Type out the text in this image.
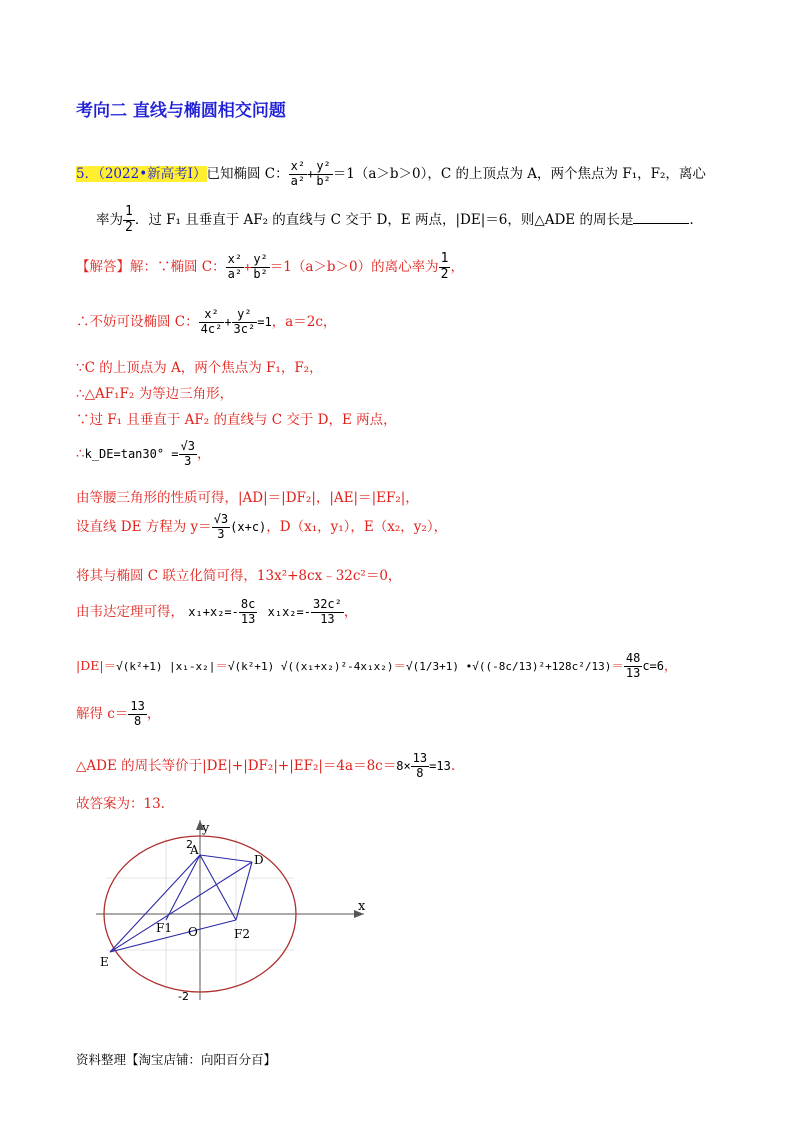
考向二 直线与椭圆相交问题
5．（2022•新高考Ⅰ）已知椭圆 C： $\frac{\text{x²}}{\text{a²}} + \frac{\text{y²}}{\text{b²}} =1(a>b>0)$，C 的上顶点为 A，两个焦点为 F₁，F₂，离心
率为 $\frac{1}{2}$ ．过 F₁ 且垂直于 AF₂ 的直线与 C 交于 D，E 两点，|DE|＝6，则△ADE 的周长是	．
【解答】解：∵椭圆 C： $\frac{\text{x²}}{\text{a²}} + \frac{\text{y²}}{\text{b²}} =1(a>b>0)$的离心率为 $\frac{1}{2}$ ，
∴不妨可设椭圆 C： $\frac{\text{x²}}{\text{4c²}} + \frac{\text{y²}}{\text{3c²}} =1$，a＝2c，
∵C 的上顶点为 A，两个焦点为 F₁，F₂，
∴△AF₁F₂ 为等边三角形，
∵过 F₁ 且垂直于 AF₂ 的直线与 C 交于 D，E 两点，
∴k_DE=tan30° = $\frac{√3}{3}$ ，
由等腰三角形的性质可得，|AD|＝|DF₂|，|AE|＝|EF₂|，
设直线 DE 方程为 $y= \frac{√3}{3} (x+c)$，D（x₁，y₁），E（x₂，y₂），
将其与椭圆 C 联立化简可得，13x²+8cx﹣32c²＝0，
由韦达定理可得， $x_1+x_2=- \frac{8c}{13} x_1x_2=- \frac{\text{32c²}}{13}$ ，
|DE|＝√(k²+1) |x₁-x₂|＝√(k²+1) √((x₁+x₂)²-4x₁x₂)＝√(1/3+1) •√((-8c/13)²+128c²/13)＝ $\frac{48}{13} c=6$，
解得 $c= \frac{13}{8}$ ，
△ADE 的周长等价于$|DE|+|DF_2|+|EF_2|=4a=8c=8\times \frac{13}{8} =13$.
故答案为：13.
y
x
2
-2
A
D
F1 O	F2
E
资料整理【淘宝店铺：向阳百分百】
